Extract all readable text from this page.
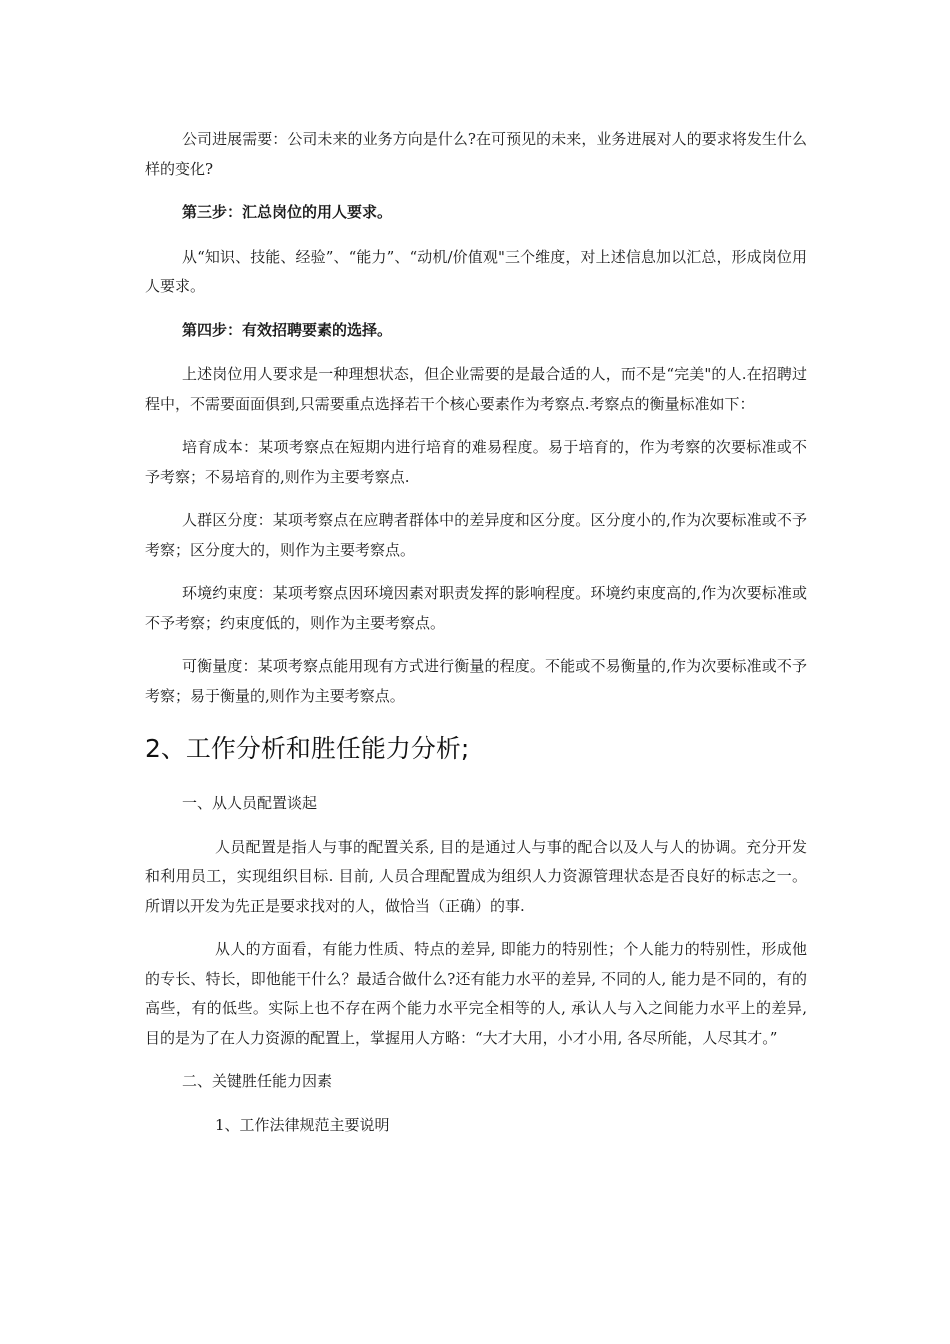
公司进展需要：公司未来的业务方向是什么?在可预见的未来，业务进展对人的要求将发生什么样的变化?

第三步：汇总岗位的用人要求。

从“知识、技能、经验”、“能力”、“动机/价值观"三个维度，对上述信息加以汇总，形成岗位用人要求。

第四步：有效招聘要素的选择。

上述岗位用人要求是一种理想状态，但企业需要的是最合适的人，而不是“完美"的人.在招聘过程中，不需要面面俱到,只需要重点选择若干个核心要素作为考察点.考察点的衡量标准如下：

培育成本：某项考察点在短期内进行培育的难易程度。易于培育的，作为考察的次要标准或不予考察；不易培育的,则作为主要考察点.

人群区分度：某项考察点在应聘者群体中的差异度和区分度。区分度小的,作为次要标准或不予考察；区分度大的，则作为主要考察点。

环境约束度：某项考察点因环境因素对职责发挥的影响程度。环境约束度高的,作为次要标准或不予考察；约束度低的，则作为主要考察点。

可衡量度：某项考察点能用现有方式进行衡量的程度。不能或不易衡量的,作为次要标准或不予考察；易于衡量的,则作为主要考察点。

2、工作分析和胜任能力分析;

一、从人员配置谈起

人员配置是指人与事的配置关系, 目的是通过人与事的配合以及人与人的协调。充分开发和利用员工，实现组织目标. 目前, 人员合理配置成为组织人力资源管理状态是否良好的标志之一。所谓以开发为先正是要求找对的人，做恰当（正确）的事.

从人的方面看，有能力性质、特点的差异, 即能力的特别性；个人能力的特别性，形成他的专长、特长，即他能干什么？最适合做什么?还有能力水平的差异, 不同的人, 能力是不同的，有的高些，有的低些。实际上也不存在两个能力水平完全相等的人, 承认人与入之间能力水平上的差异, 目的是为了在人力资源的配置上，掌握用人方略：“大才大用，小才小用, 各尽所能，人尽其才。”

二、关键胜任能力因素

1、工作法律规范主要说明
